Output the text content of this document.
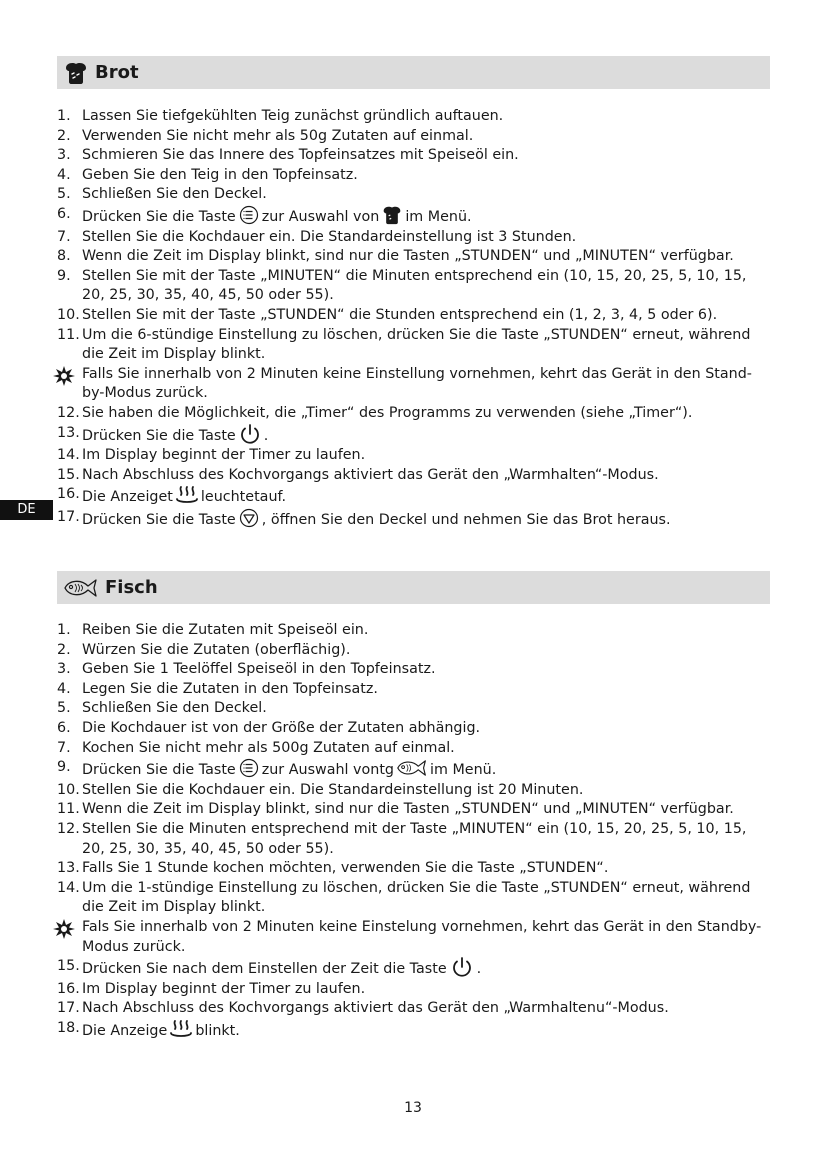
DE
Brot
1. Lassen Sie tiefgekühlten Teig zunächst gründlich auftauen.
2. Verwenden Sie nicht mehr als 50g Zutaten auf einmal.
3. Schmieren Sie das Innere des Topfeinsatzes mit Speiseöl ein.
4. Geben Sie den Teig in den Topfeinsatz.
5. Schließen Sie den Deckel.
6. Drücken Sie die Taste zur Auswahl von im Menü.
7. Stellen Sie die Kochdauer ein. Die Standardeinstellung ist 3 Stunden.
8. Wenn die Zeit im Display blinkt, sind nur die Tasten „STUNDEN“ und „MINUTEN“ verfügbar.
9. Stellen Sie mit der Taste „MINUTEN“ die Minuten entsprechend ein (10, 15, 20, 25, 5, 10, 15, 20, 25, 30, 35, 40, 45, 50 oder 55).
10. Stellen Sie mit der Taste „STUNDEN“ die Stunden entsprechend ein (1, 2, 3, 4, 5 oder 6).
11. Um die 6-stündige Einstellung zu löschen, drücken Sie die Taste „STUNDEN“ erneut, während die Zeit im Display blinkt.
Falls Sie innerhalb von 2 Minuten keine Einstellung vornehmen, kehrt das Gerät in den Stand- by-Modus zurück.
12. Sie haben die Möglichkeit, die „Timer“ des Programms zu verwenden (siehe „Timer“).
13. Drücken Sie die Taste .
14. Im Display beginnt der Timer zu laufen.
15. Nach Abschluss des Kochvorgangs aktiviert das Gerät den „Warmhalten“-Modus.
16. Die Anzeiget leuchtetauf.
17. Drücken Sie die Taste , öffnen Sie den Deckel und nehmen Sie das Brot heraus.
Fisch
1. Reiben Sie die Zutaten mit Speiseöl ein.
2. Würzen Sie die Zutaten (oberflächig).
3. Geben Sie 1 Teelöffel Speiseöl in den Topfeinsatz.
4. Legen Sie die Zutaten in den Topfeinsatz.
5. Schließen Sie den Deckel.
6. Die Kochdauer ist von der Größe der Zutaten abhängig.
7. Kochen Sie nicht mehr als 500g Zutaten auf einmal.
9. Drücken Sie die Taste zur Auswahl vontg	im Menü.
10. Stellen Sie die Kochdauer ein. Die Standardeinstellung ist 20 Minuten.
11. Wenn die Zeit im Display blinkt, sind nur die Tasten „STUNDEN“ und „MINUTEN“ verfügbar.
12. Stellen Sie die Minuten entsprechend mit der Taste „MINUTEN“ ein (10, 15, 20, 25, 5, 10, 15, 20, 25, 30, 35, 40, 45, 50 oder 55).
13. Falls Sie 1 Stunde kochen möchten, verwenden Sie die Taste „STUNDEN“.
14. Um die 1-stündige Einstellung zu löschen, drücken Sie die Taste „STUNDEN“ erneut, während die Zeit im Display blinkt.
Fals Sie innerhalb von 2 Minuten keine Einstelung vornehmen, kehrt das Gerät in den Standby-Modus zurück.
15. Drücken Sie nach dem Einstellen der Zeit die Taste .
16. Im Display beginnt der Timer zu laufen.
17. Nach Abschluss des Kochvorgangs aktiviert das Gerät den „Warmhaltenu“-Modus.
18. Die Anzeige blinkt.
13
